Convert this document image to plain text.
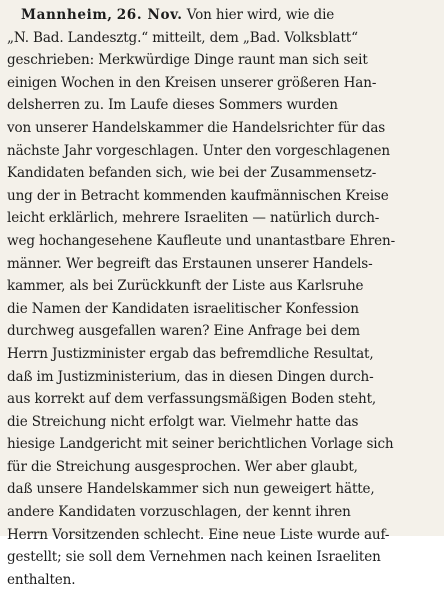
Mannheim, 26. Nov. Von hier wird, wie die
„N. Bad. Landesztg.“ mitteilt, dem „Bad. Volksblatt“
geschrieben: Merkwürdige Dinge raunt man sich seit
einigen Wochen in den Kreisen unserer größeren Han-
delsherren zu. Im Laufe dieses Sommers wurden
von unserer Handelskammer die Handelsrichter für das
nächste Jahr vorgeschlagen. Unter den vorgeschlagenen
Kandidaten befanden sich, wie bei der Zusammensetz-
ung der in Betracht kommenden kaufmännischen Kreise
leicht erklärlich, mehrere Israeliten — natürlich durch-
weg hochangesehene Kaufleute und unantastbare Ehren-
männer. Wer begreift das Erstaunen unserer Handels-
kammer, als bei Zurückkunft der Liste aus Karlsruhe
die Namen der Kandidaten israelitischer Konfession
durchweg ausgefallen waren? Eine Anfrage bei dem
Herrn Justizminister ergab das befremdliche Resultat,
daß im Justizministerium, das in diesen Dingen durch-
aus korrekt auf dem verfassungsmäßigen Boden steht,
die Streichung nicht erfolgt war. Vielmehr hatte das
hiesige Landgericht mit seiner berichtlichen Vorlage sich
für die Streichung ausgesprochen. Wer aber glaubt,
daß unsere Handelskammer sich nun geweigert hätte,
andere Kandidaten vorzuschlagen, der kennt ihren
Herrn Vorsitzenden schlecht. Eine neue Liste wurde auf-
gestellt; sie soll dem Vernehmen nach keinen Israeliten
enthalten.
